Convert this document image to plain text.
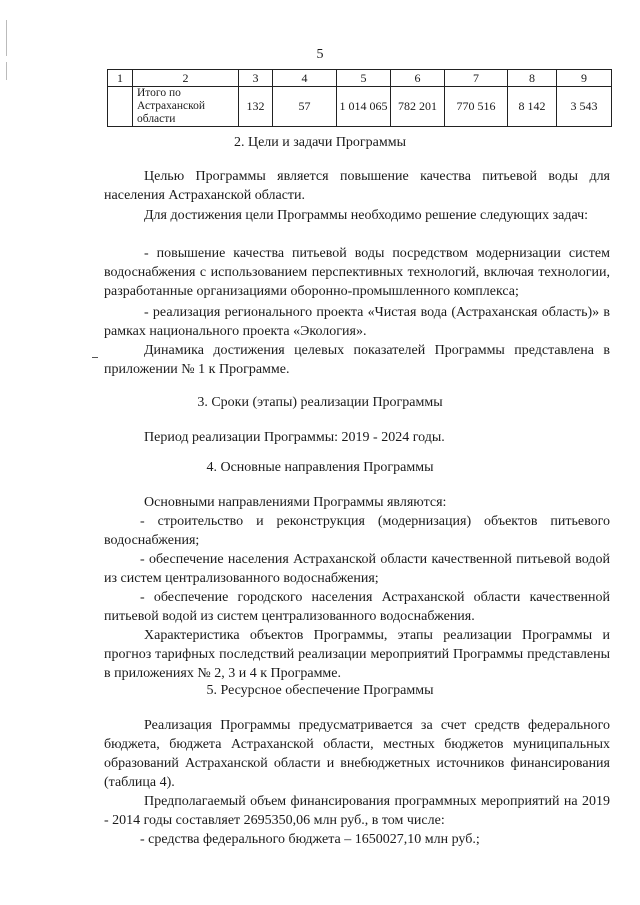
5
1	2	3	4	5	6	7	8	9
	Итого по Астраханской области	132	57	1 014 065	782 201	770 516	8 142	3 543
2. Цели и задачи Программы
Целью Программы является повышение качества питьевой воды для населения Астраханской области.
Для достижения цели Программы необходимо решение следующих задач:
- повышение качества питьевой воды посредством модернизации систем водоснабжения с использованием перспективных технологий, включая технологии, разработанные организациями оборонно-промышленного комплекса;
- реализация регионального проекта «Чистая вода (Астраханская область)» в рамках национального проекта «Экология».
Динамика достижения целевых показателей Программы представлена в приложении № 1 к Программе.
3. Сроки (этапы) реализации Программы
Период реализации Программы: 2019 - 2024 годы.
4. Основные направления Программы
Основными направлениями Программы являются:
- строительство и реконструкция (модернизация) объектов питьевого водоснабжения;
- обеспечение населения Астраханской области качественной питьевой водой из систем централизованного водоснабжения;
- обеспечение городского населения Астраханской области качественной питьевой водой из систем централизованного водоснабжения.
Характеристика объектов Программы, этапы реализации Программы и прогноз тарифных последствий реализации мероприятий Программы представлены в приложениях № 2, 3 и 4 к Программе.
5. Ресурсное обеспечение Программы
Реализация Программы предусматривается за счет средств федерального бюджета, бюджета Астраханской области, местных бюджетов муниципальных образований Астраханской области и внебюджетных источников финансирования (таблица 4).
Предполагаемый объем финансирования программных мероприятий на 2019 - 2014 годы составляет 2695350,06 млн руб., в том числе:
- средства федерального бюджета – 1650027,10 млн руб.;
